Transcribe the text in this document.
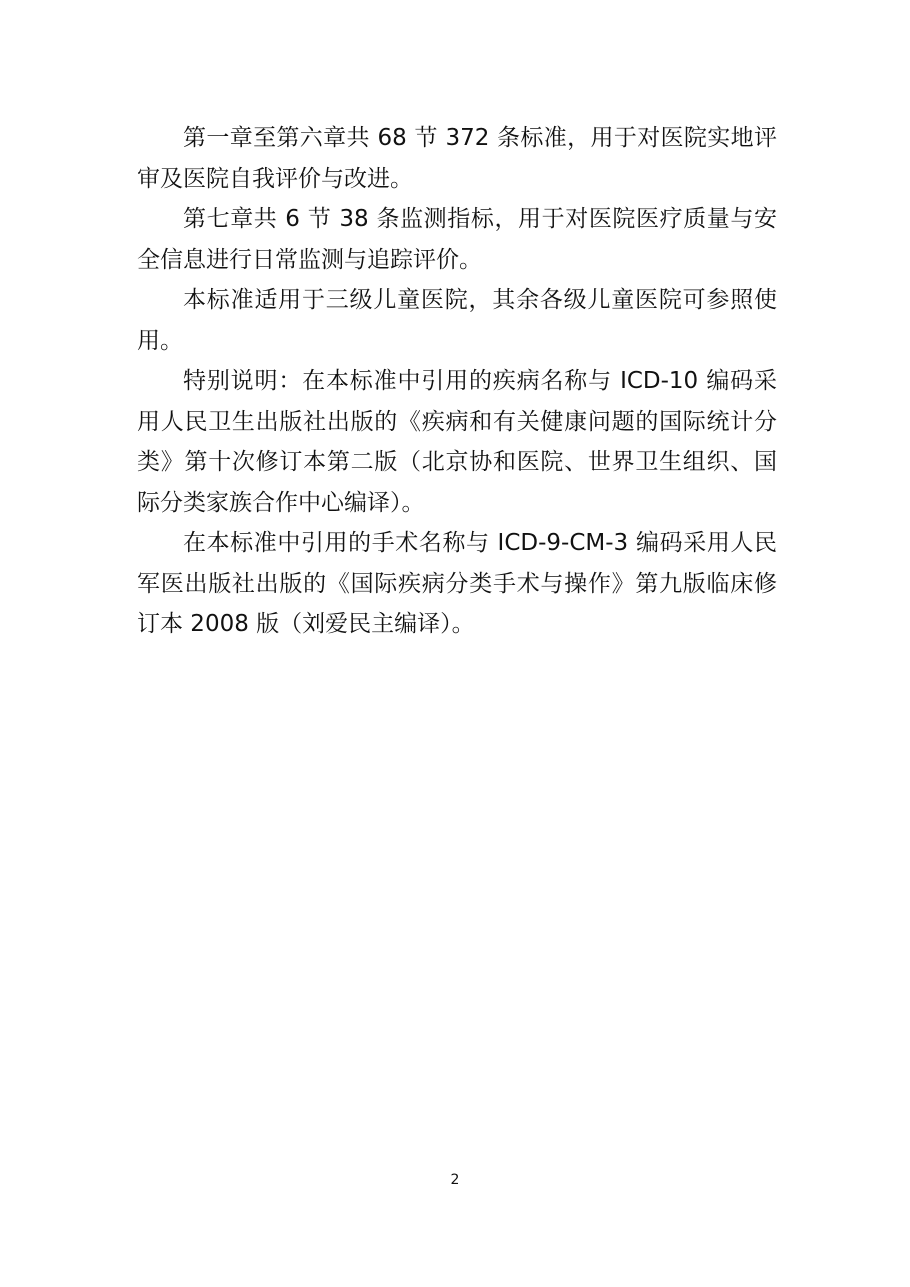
第一章至第六章共 68 节 372 条标准，用于对医院实地评审及医院自我评价与改进。

第七章共 6 节 38 条监测指标，用于对医院医疗质量与安全信息进行日常监测与追踪评价。

本标准适用于三级儿童医院，其余各级儿童医院可参照使用。

特别说明：在本标准中引用的疾病名称与 ICD-10 编码采用人民卫生出版社出版的《疾病和有关健康问题的国际统计分类》第十次修订本第二版（北京协和医院、世界卫生组织、国际分类家族合作中心编译）。

在本标准中引用的手术名称与 ICD-9-CM-3 编码采用人民军医出版社出版的《国际疾病分类手术与操作》第九版临床修订本 2008 版（刘爱民主编译）。

2
